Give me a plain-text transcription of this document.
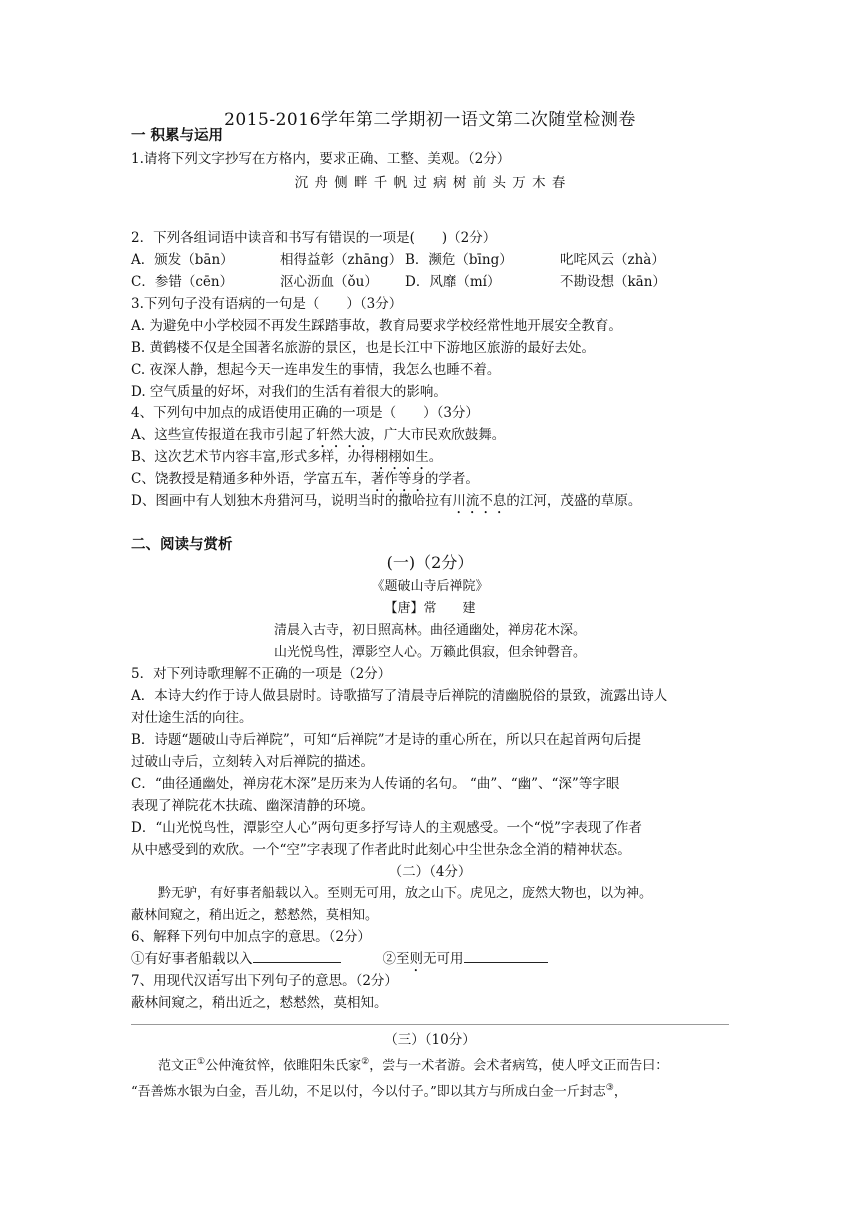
2015-2016学年第二学期初一语文第二次随堂检测卷
一 积累与运用
1.请将下列文字抄写在方格内，要求正确、工整、美观。（2分）
沉 舟 侧 畔 千 帆 过 病 树 前 头 万 木 春
2．下列各组词语中读音和书写有错误的一项是(　　)（2分）
A．颁发（bān）	相得益彰（zhāng） B．濒危（bīng）	叱咤风云（zhà）
C．参错（cēn）	沤心沥血（ǒu） D．风靡（mí）	不勘设想（kān）
3.下列句子没有语病的一句是（　　）（3分）
A. 为避免中小学校园不再发生踩踏事故，教育局要求学校经常性地开展安全教育。
B. 黄鹤楼不仅是全国著名旅游的景区，也是长江中下游地区旅游的最好去处。
C. 夜深人静，想起今天一连串发生的事情，我怎么也睡不着。
D. 空气质量的好坏，对我们的生活有着很大的影响。
4、下列句中加点的成语使用正确的一项是（　　）（3分）
A、这些宣传报道在我市引起了轩然大波，广大市民欢欣鼓舞。
B、这次艺术节内容丰富,形式多样，办得栩栩如生。
C、饶教授是精通多种外语，学富五车，著作等身的学者。
D、图画中有人划独木舟猎河马，说明当时的撒哈拉有川流不息的江河，茂盛的草原。
二、阅读与赏析
(一)（2分）
《题破山寺后禅院》
【唐】常　　建
清晨入古寺，初日照高林。曲径通幽处，禅房花木深。
山光悦鸟性，潭影空人心。万籁此俱寂，但余钟磬音。
5．对下列诗歌理解不正确的一项是（2分）
A．本诗大约作于诗人做县尉时。诗歌描写了清晨寺后禅院的清幽脱俗的景致，流露出诗人
对仕途生活的向往。
B．诗题“题破山寺后禅院”，可知“后禅院”才是诗的重心所在，所以只在起首两句后提
过破山寺后，立刻转入对后禅院的描述。
C．“曲径通幽处，禅房花木深”是历来为人传诵的名句。 “曲”、“幽”、“深”等字眼
表现了禅院花木扶疏、幽深清静的环境。
D．“山光悦鸟性，潭影空人心”两句更多抒写诗人的主观感受。一个“悦”字表现了作者
从中感受到的欢欣。一个“空”字表现了作者此时此刻心中尘世杂念全消的精神状态。
（二）（4分）
黔无驴，有好事者船载以入。至则无可用，放之山下。虎见之，庞然大物也，以为神。
蔽林间窥之，稍出近之，慭慭然，莫相知。
6、解释下列句中加点字的意思。（2分）
①有好事者船载以入	②至则无可用
7、用现代汉语写出下列句子的意思。（2分）
蔽林间窥之，稍出近之，慭慭然，莫相知。
（三）（10分）
范文正①公仲淹贫悴，依睢阳朱氏家②，尝与一术者游。会术者病笃，使人呼文正而告曰：
“吾善炼水银为白金，吾儿幼，不足以付，今以付子。”即以其方与所成白金一斤封志③，
